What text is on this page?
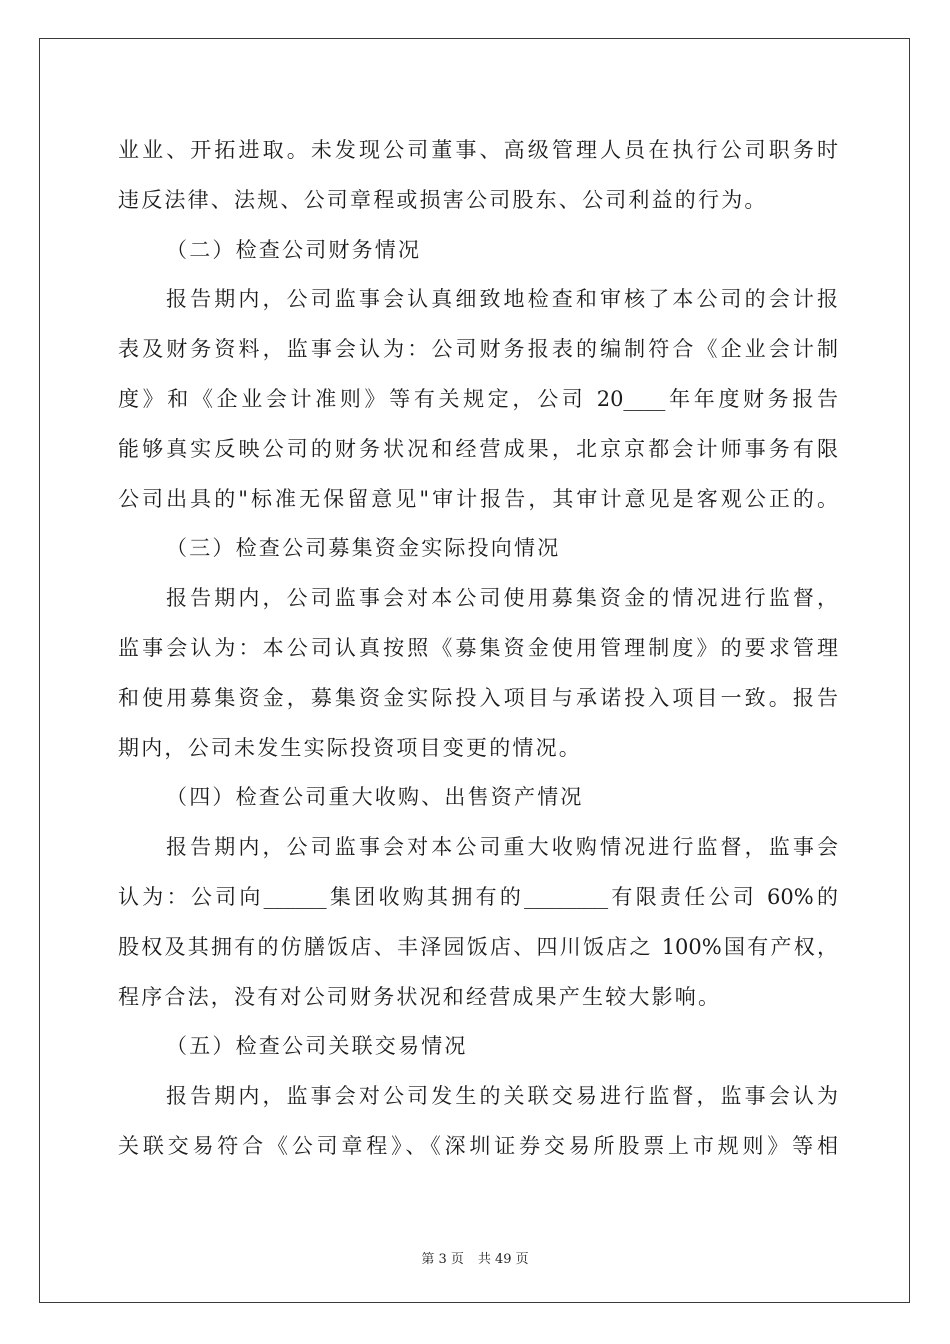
业业、开拓进取。未发现公司董事、高级管理人员在执行公司职务时
违反法律、法规、公司章程或损害公司股东、公司利益的行为。
（二）检查公司财务情况
报告期内，公司监事会认真细致地检查和审核了本公司的会计报
表及财务资料，监事会认为：公司财务报表的编制符合《企业会计制
度》和《企业会计准则》等有关规定，公司 20____年年度财务报告
能够真实反映公司的财务状况和经营成果，北京京都会计师事务有限
公司出具的"标准无保留意见"审计报告，其审计意见是客观公正的。
（三）检查公司募集资金实际投向情况
报告期内，公司监事会对本公司使用募集资金的情况进行监督，
监事会认为：本公司认真按照《募集资金使用管理制度》的要求管理
和使用募集资金，募集资金实际投入项目与承诺投入项目一致。报告
期内，公司未发生实际投资项目变更的情况。
（四）检查公司重大收购、出售资产情况
报告期内，公司监事会对本公司重大收购情况进行监督，监事会
认为：公司向______集团收购其拥有的________有限责任公司 60%的
股权及其拥有的仿膳饭店、丰泽园饭店、四川饭店之 100%国有产权，
程序合法，没有对公司财务状况和经营成果产生较大影响。
（五）检查公司关联交易情况
报告期内，监事会对公司发生的关联交易进行监督，监事会认为
关联交易符合《公司章程》、《深圳证券交易所股票上市规则》等相
第 3 页 共 49 页
